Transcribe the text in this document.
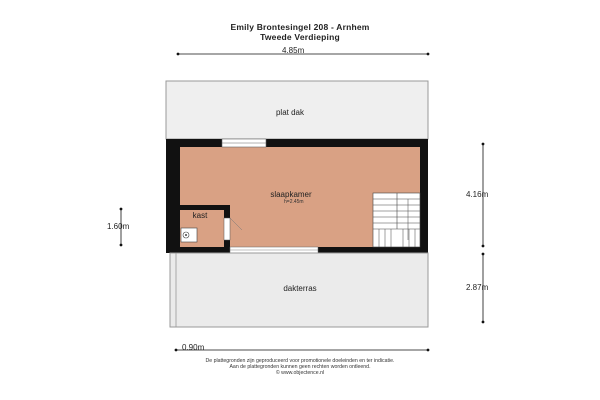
Emily Brontesingel 208 - Arnhem
Tweede Verdieping
4.85m
4.16m
2.87m
1.60m
0.90m
plat dak
slaapkamer
h=2.45m
kast
dakterras
De plattegronden zijn geproduceerd voor promotionele doeleinden en ter indicatie.
Aan de plattegronden kunnen geen rechten worden ontleend.
© www.objectence.nl
